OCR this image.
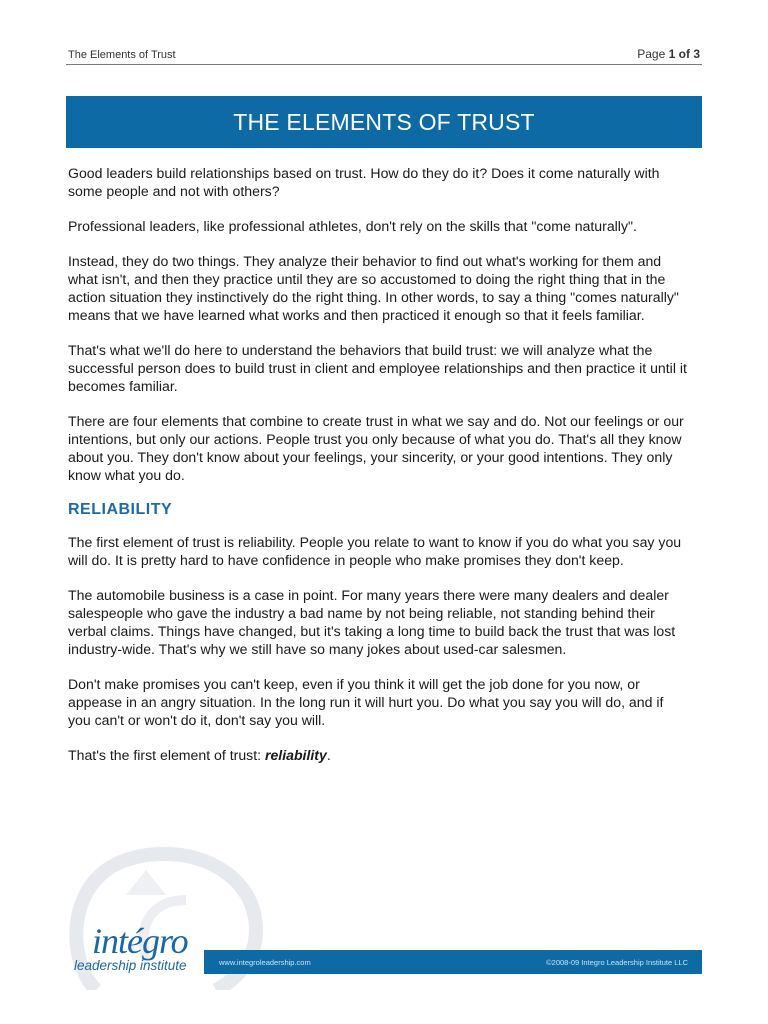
The Elements of Trust	Page 1 of 3
THE ELEMENTS OF TRUST

Good leaders build relationships based on trust. How do they do it? Does it come naturally with some people and not with others?

Professional leaders, like professional athletes, don't rely on the skills that "come naturally".

Instead, they do two things. They analyze their behavior to find out what's working for them and what isn't, and then they practice until they are so accustomed to doing the right thing that in the action situation they instinctively do the right thing. In other words, to say a thing "comes naturally" means that we have learned what works and then practiced it enough so that it feels familiar.

That's what we'll do here to understand the behaviors that build trust: we will analyze what the successful person does to build trust in client and employee relationships and then practice it until it becomes familiar.

There are four elements that combine to create trust in what we say and do. Not our feelings or our intentions, but only our actions. People trust you only because of what you do. That's all they know about you. They don't know about your feelings, your sincerity, or your good intentions. They only know what you do.

RELIABILITY

The first element of trust is reliability. People you relate to want to know if you do what you say you will do. It is pretty hard to have confidence in people who make promises they don't keep.

The automobile business is a case in point. For many years there were many dealers and dealer salespeople who gave the industry a bad name by not being reliable, not standing behind their verbal claims. Things have changed, but it's taking a long time to build back the trust that was lost industry-wide. That's why we still have so many jokes about used-car salesmen.

Don't make promises you can't keep, even if you think it will get the job done for you now, or appease in an angry situation. In the long run it will hurt you. Do what you say you will do, and if you can't or won't do it, don't say you will.

That's the first element of trust: reliability.

www.integroleadership.com	©2008-09 Integro Leadership Institute LLC
intégro
leadership institute
